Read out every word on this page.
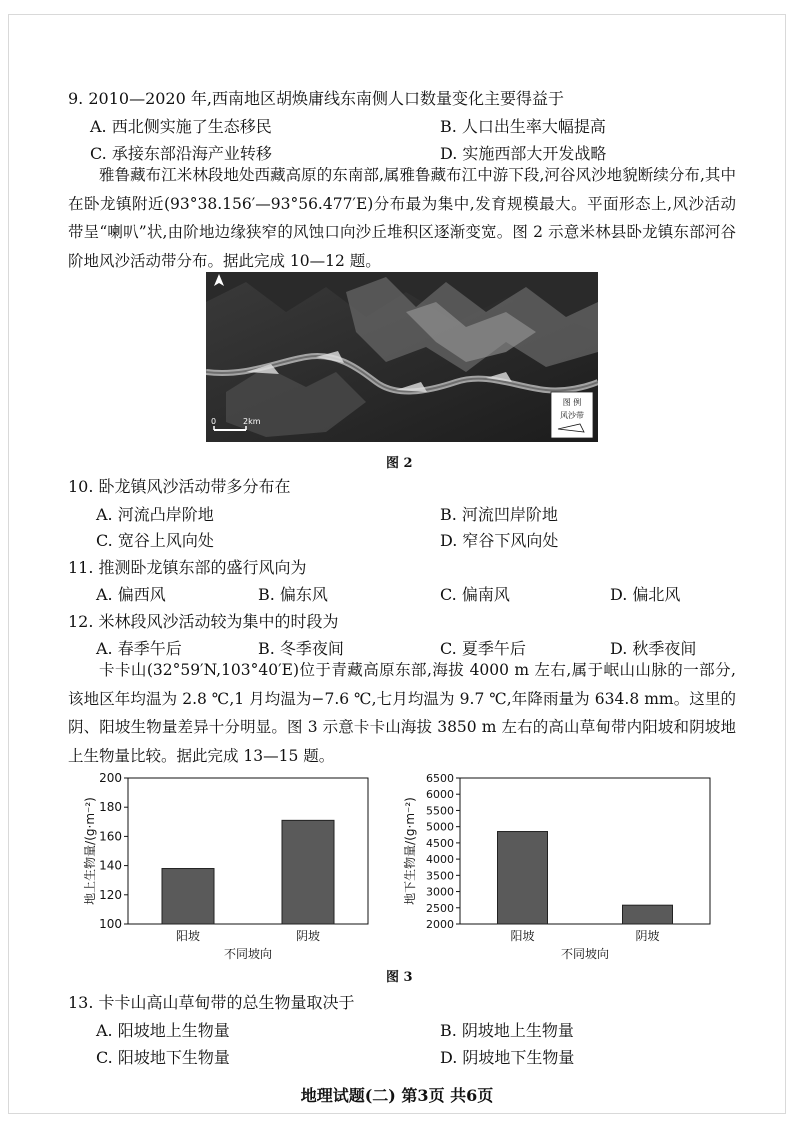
9. 2010—2020 年,西南地区胡焕庸线东南侧人口数量变化主要得益于
A. 西北侧实施了生态移民	B. 人口出生率大幅提高
C. 承接东部沿海产业转移	D. 实施西部大开发战略
雅鲁藏布江米林段地处西藏高原的东南部,属雅鲁藏布江中游下段,河谷风沙地貌断续分布,其中在卧龙镇附近(93°38.156′—93°56.477′E)分布最为集中,发育规模最大。平面形态上,风沙活动带呈“喇叭”状,由阶地边缘狭窄的风蚀口向沙丘堆积区逐渐变宽。图 2 示意米林县卧龙镇东部河谷阶地风沙活动带分布。据此完成 10—12 题。
0	2km
图 例
风沙带
图 2
10. 卧龙镇风沙活动带多分布在
A. 河流凸岸阶地	B. 河流凹岸阶地
C. 宽谷上风向处	D. 窄谷下风向处
11. 推测卧龙镇东部的盛行风向为
A. 偏西风	B. 偏东风	C. 偏南风	D. 偏北风
12. 米林段风沙活动较为集中的时段为
A. 春季午后	B. 冬季夜间	C. 夏季午后	D. 秋季夜间
卡卡山(32°59′N,103°40′E)位于青藏高原东部,海拔 4000 m 左右,属于岷山山脉的一部分,该地区年均温为 2.8 ℃,1 月均温为−7.6 ℃,七月均温为 9.7 ℃,年降雨量为 634.8 mm。这里的阴、阳坡生物量差异十分明显。图 3 示意卡卡山海拔 3850 m 左右的高山草甸带内阳坡和阴坡地上生物量比较。据此完成 13—15 题。
100
120
140
160
180
200
阳坡	阴坡
不同坡向
地上生物量/(g·m⁻²)
2000
2500
3000
3500
4000
4500
5000
5500
6000
6500
阳坡	阴坡
不同坡向
地下生物量/(g·m⁻²)
图 3
13. 卡卡山高山草甸带的总生物量取决于
A. 阳坡地上生物量	B. 阴坡地上生物量
C. 阳坡地下生物量	D. 阴坡地下生物量
地理试题(二) 第3页 共6页
